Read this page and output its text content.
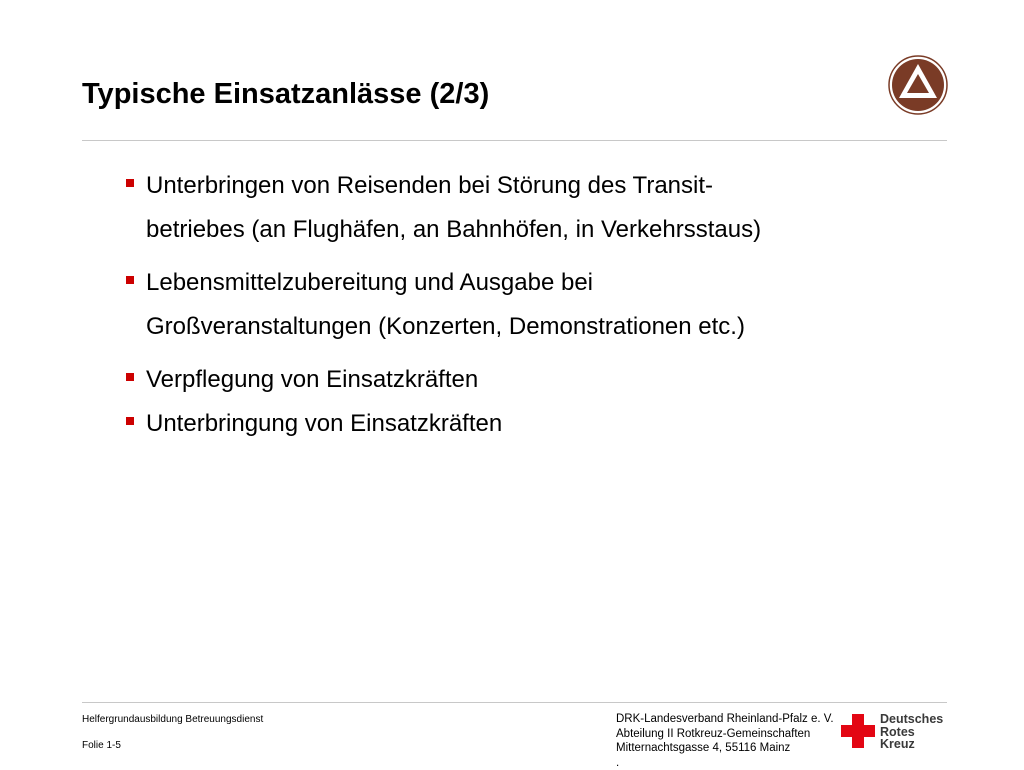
Typische Einsatzanlässe (2/3)
Unterbringen von Reisenden bei Störung des Transit-
betriebes (an Flughäfen, an Bahnhöfen, in Verkehrsstaus)
Lebensmittelzubereitung und Ausgabe bei
Großveranstaltungen (Konzerten, Demonstrationen etc.)
Verpflegung von Einsatzkräften
Unterbringung von Einsatzkräften
Helfergrundausbildung Betreuungsdienst
Folie 1-5
DRK-Landesverband Rheinland-Pfalz e. V.
Abteilung II Rotkreuz-Gemeinschaften
Mitternachtsgasse 4, 55116 Mainz
.
Deutsches
Rotes
Kreuz
